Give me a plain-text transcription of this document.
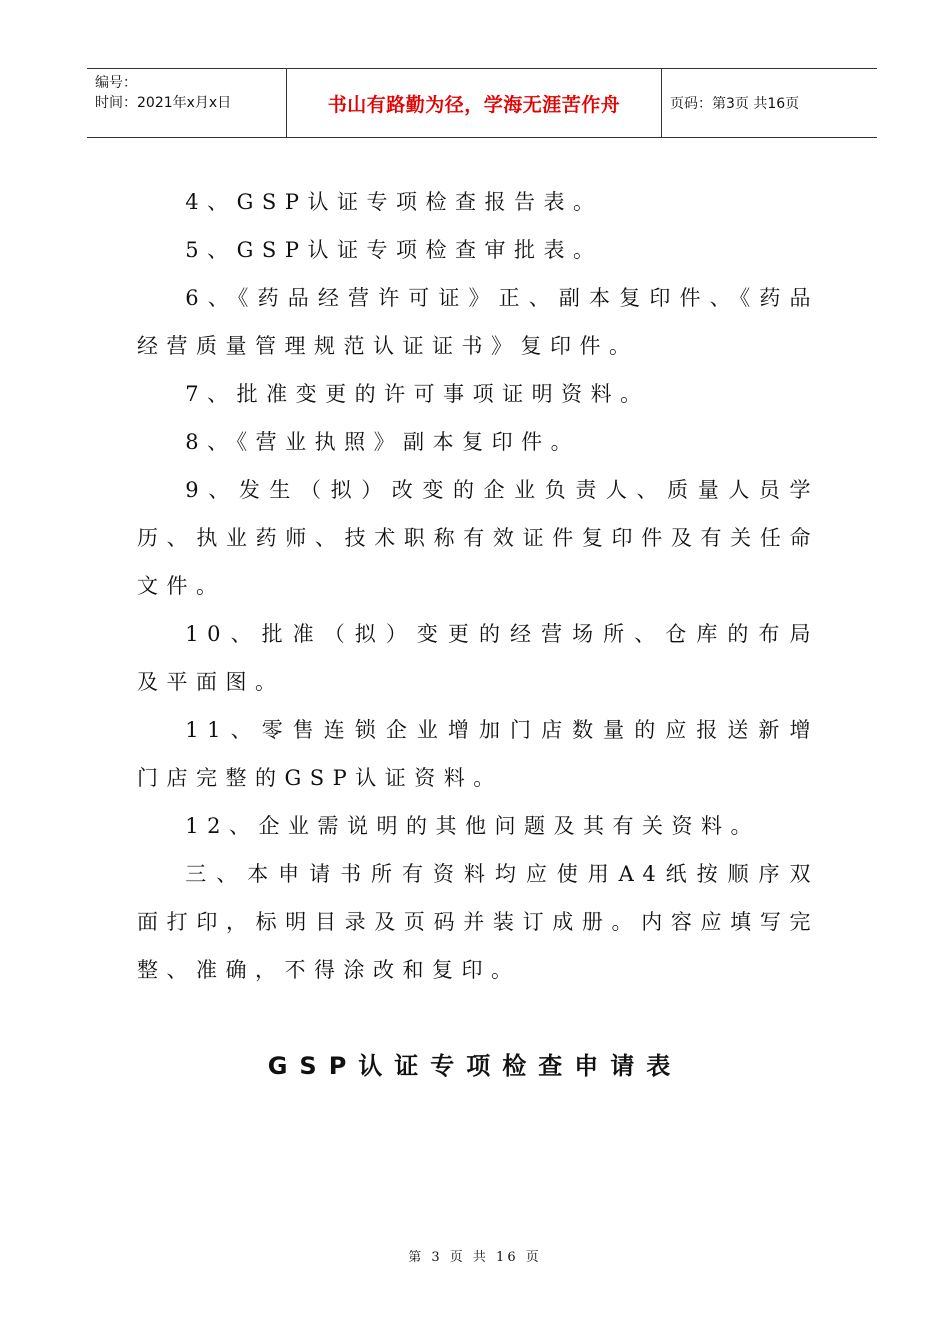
编号：
时间：2021年x月x日	书山有路勤为径，学海无涯苦作舟	页码：第3页 共16页

4、GSP认证专项检查报告表。

5、GSP认证专项检查审批表。

6、《药品经营许可证》正、副本复印件、《药品经营质量管理规范认证证书》复印件。

7、批准变更的许可事项证明资料。

8、《营业执照》副本复印件。

9、发生（拟）改变的企业负责人、质量人员学历、执业药师、技术职称有效证件复印件及有关任命文件。

10、批准（拟）变更的经营场所、仓库的布局及平面图。

11、零售连锁企业增加门店数量的应报送新增门店完整的GSP认证资料。

12、企业需说明的其他问题及其有关资料。

三、本申请书所有资料均应使用A4纸按顺序双面打印，标明目录及页码并装订成册。内容应填写完整、准确，不得涂改和复印。

GSP认证专项检查申请表
第 3 页 共 16 页
